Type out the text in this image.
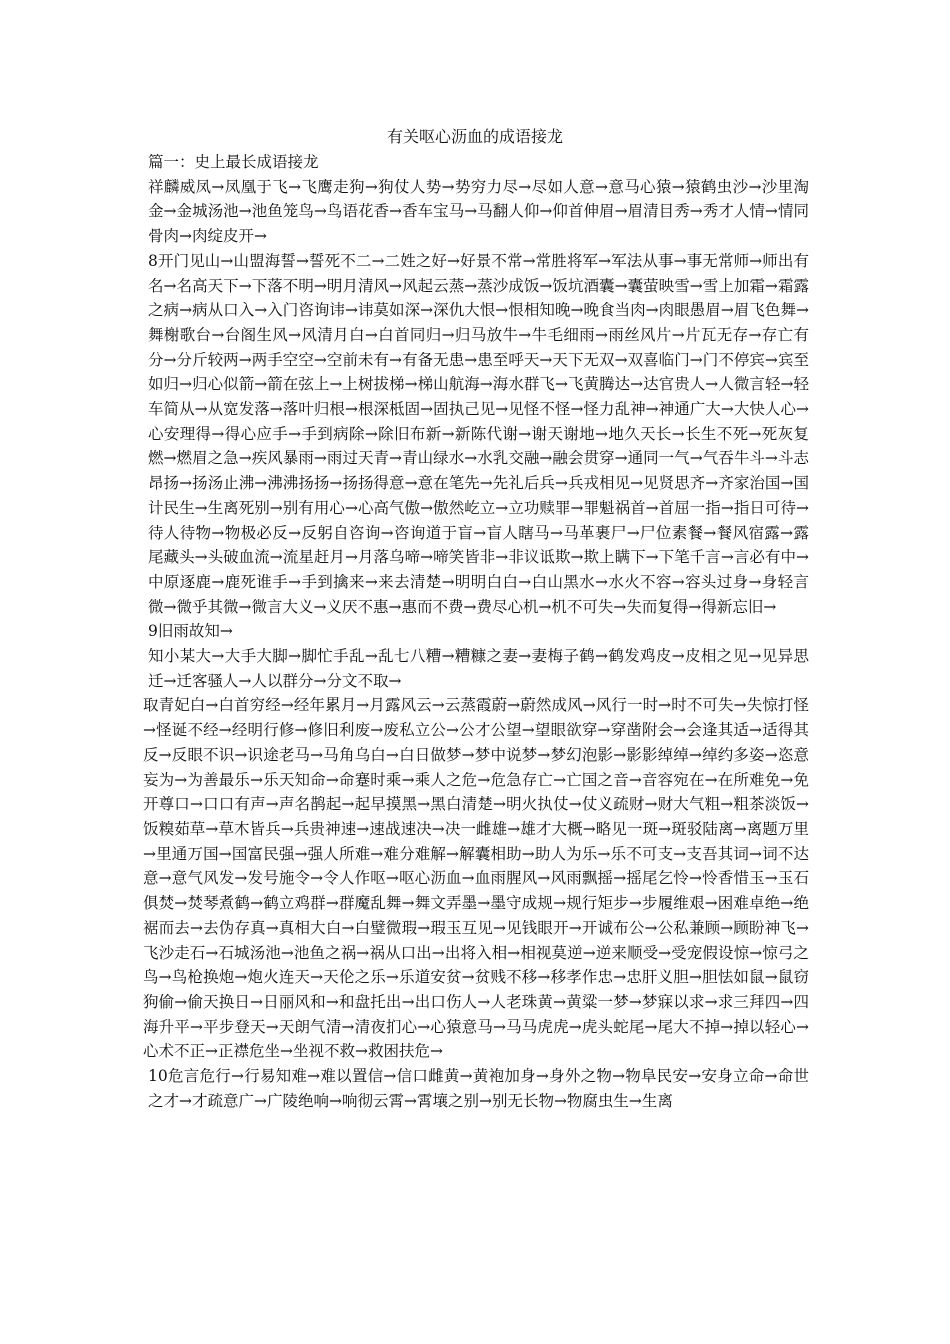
有关呕心沥血的成语接龙

篇一：史上最长成语接龙

祥麟威凤→凤凰于飞→飞鹰走狗→狗仗人势→势穷力尽→尽如人意→意马心猿→猿鹤虫沙→沙里淘金→金城汤池→池鱼笼鸟→鸟语花香→香车宝马→马翻人仰→仰首伸眉→眉清目秀→秀才人情→情同骨肉→肉绽皮开→

8开门见山→山盟海誓→誓死不二→二姓之好→好景不常→常胜将军→军法从事→事无常师→师出有名→名高天下→下落不明→明月清风→风起云蒸→蒸沙成饭→饭坑酒囊→囊萤映雪→雪上加霜→霜露之病→病从口入→入门咨询讳→讳莫如深→深仇大恨→恨相知晚→晚食当肉→肉眼愚眉→眉飞色舞→舞榭歌台→台阁生风→风清月白→白首同归→归马放牛→牛毛细雨→雨丝风片→片瓦无存→存亡有分→分斤较两→两手空空→空前未有→有备无患→患至呼天→天下无双→双喜临门→门不停宾→宾至如归→归心似箭→箭在弦上→上树拔梯→梯山航海→海水群飞→飞黄腾达→达官贵人→人微言轻→轻车简从→从宽发落→落叶归根→根深柢固→固执己见→见怪不怪→怪力乱神→神通广大→大快人心→心安理得→得心应手→手到病除→除旧布新→新陈代谢→谢天谢地→地久天长→长生不死→死灰复燃→燃眉之急→疾风暴雨→雨过天青→青山绿水→水乳交融→融会贯穿→通同一气→气吞牛斗→斗志昂扬→扬汤止沸→沸沸扬扬→扬扬得意→意在笔先→先礼后兵→兵戎相见→见贤思齐→齐家治国→国计民生→生离死别→别有用心→心高气傲→傲然屹立→立功赎罪→罪魁祸首→首屈一指→指日可待→待人待物→物极必反→反躬自咨询→咨询道于盲→盲人瞎马→马革裹尸→尸位素餐→餐风宿露→露尾藏头→头破血流→流星赶月→月落乌啼→啼笑皆非→非议诋欺→欺上瞒下→下笔千言→言必有中→中原逐鹿→鹿死谁手→手到擒来→来去清楚→明明白白→白山黑水→水火不容→容头过身→身轻言微→微乎其微→微言大义→义厌不惠→惠而不费→费尽心机→机不可失→失而复得→得新忘旧→

9旧雨故知→

知小某大→大手大脚→脚忙手乱→乱七八糟→糟糠之妻→妻梅子鹤→鹤发鸡皮→皮相之见→见异思迁→迁客骚人→人以群分→分文不取→

取青妃白→白首穷经→经年累月→月露风云→云蒸霞蔚→蔚然成风→风行一时→时不可失→失惊打怪→怪诞不经→经明行修→修旧利废→废私立公→公才公望→望眼欲穿→穿凿附会→会逢其适→适得其反→反眼不识→识途老马→马角乌白→白日做梦→梦中说梦→梦幻泡影→影影绰绰→绰约多姿→恣意妄为→为善最乐→乐天知命→命蹇时乘→乘人之危→危急存亡→亡国之音→音容宛在→在所难免→免开尊口→口口有声→声名鹊起→起早摸黑→黑白清楚→明火执仗→仗义疏财→财大气粗→粗茶淡饭→饭糗茹草→草木皆兵→兵贵神速→速战速决→决一雌雄→雄才大概→略见一斑→斑驳陆离→离题万里→里通万国→国富民强→强人所难→难分难解→解囊相助→助人为乐→乐不可支→支吾其词→词不达意→意气风发→发号施令→令人作呕→呕心沥血→血雨腥风→风雨飘摇→摇尾乞怜→怜香惜玉→玉石俱焚→焚琴煮鹤→鹤立鸡群→群魔乱舞→舞文弄墨→墨守成规→规行矩步→步履维艰→困难卓绝→绝裾而去→去伪存真→真相大白→白璧微瑕→瑕玉互见→见钱眼开→开诚布公→公私兼顾→顾盼神飞→飞沙走石→石城汤池→池鱼之祸→祸从口出→出将入相→相视莫逆→逆来顺受→受宠假设惊→惊弓之鸟→鸟枪换炮→炮火连天→天伦之乐→乐道安贫→贫贱不移→移孝作忠→忠肝义胆→胆怯如鼠→鼠窃狗偷→偷天换日→日丽风和→和盘托出→出口伤人→人老珠黄→黄粱一梦→梦寐以求→求三拜四→四海升平→平步登天→天朗气清→清夜扪心→心猿意马→马马虎虎→虎头蛇尾→尾大不掉→掉以轻心→心术不正→正襟危坐→坐视不救→救困扶危→

10危言危行→行易知难→难以置信→信口雌黄→黄袍加身→身外之物→物阜民安→安身立命→命世之才→才疏意广→广陵绝响→响彻云霄→霄壤之别→别无长物→物腐虫生→生离
